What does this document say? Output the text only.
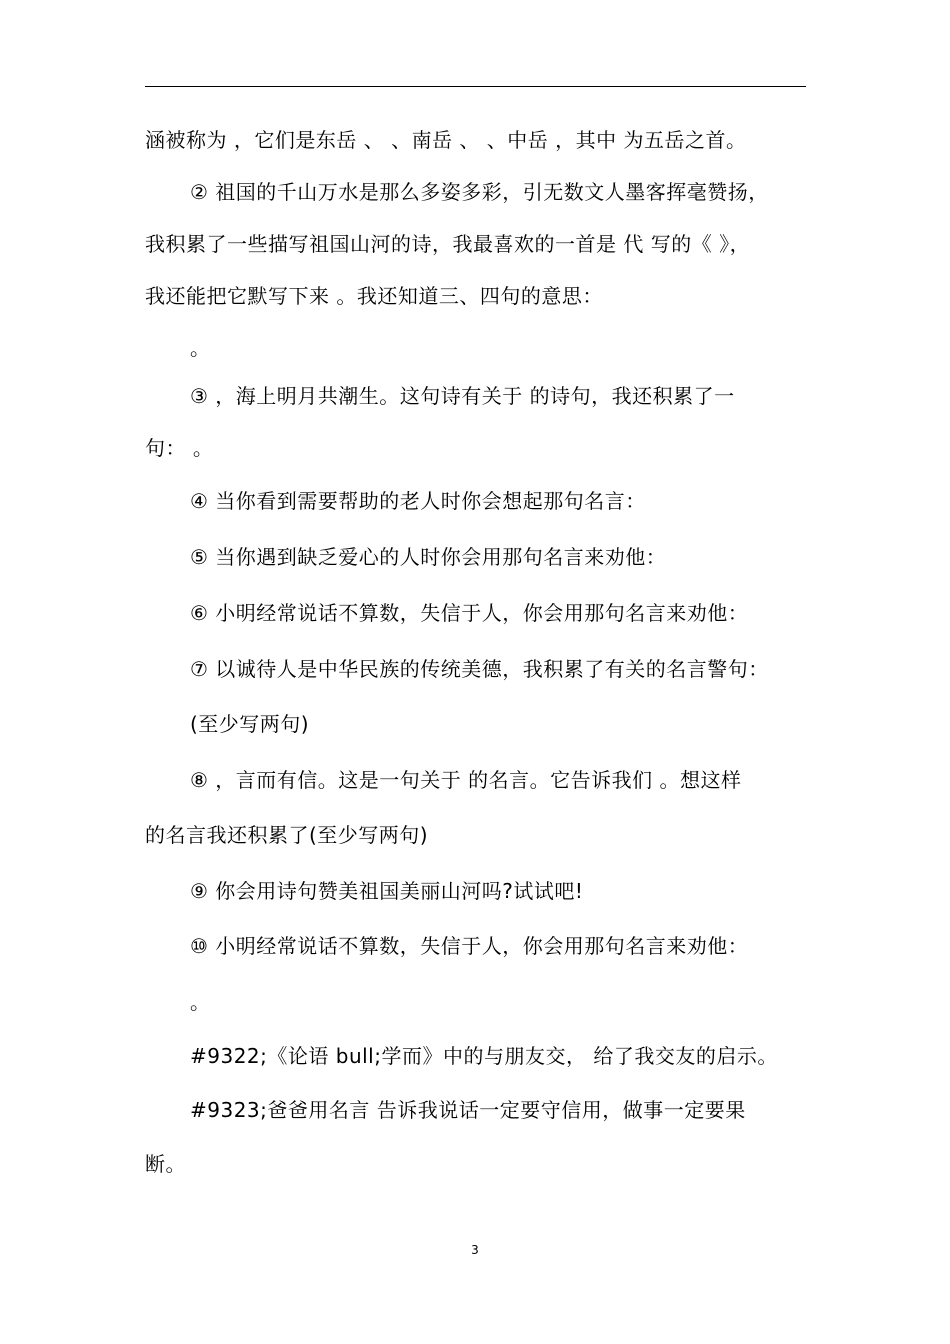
涵被称为 ，它们是东岳 、 、南岳 、 、中岳 ，其中 为五岳之首。
② 祖国的千山万水是那么多姿多彩，引无数文人墨客挥毫赞扬，
我积累了一些描写祖国山河的诗，我最喜欢的一首是 代 写的《 》，
我还能把它默写下来 。我还知道三、四句的意思：
。
③ ，海上明月共潮生。这句诗有关于 的诗句，我还积累了一
句： 。
④ 当你看到需要帮助的老人时你会想起那句名言：
⑤ 当你遇到缺乏爱心的人时你会用那句名言来劝他：
⑥ 小明经常说话不算数，失信于人，你会用那句名言来劝他：
⑦ 以诚待人是中华民族的传统美德，我积累了有关的名言警句：
(至少写两句)
⑧ ，言而有信。这是一句关于 的名言。它告诉我们 。想这样
的名言我还积累了(至少写两句)
⑨ 你会用诗句赞美祖国美丽山河吗?试试吧!
⑩ 小明经常说话不算数，失信于人，你会用那句名言来劝他：
。
#9322;《论语 bull;学而》中的与朋友交， 给了我交友的启示。
#9323;爸爸用名言 告诉我说话一定要守信用，做事一定要果
断。
3
